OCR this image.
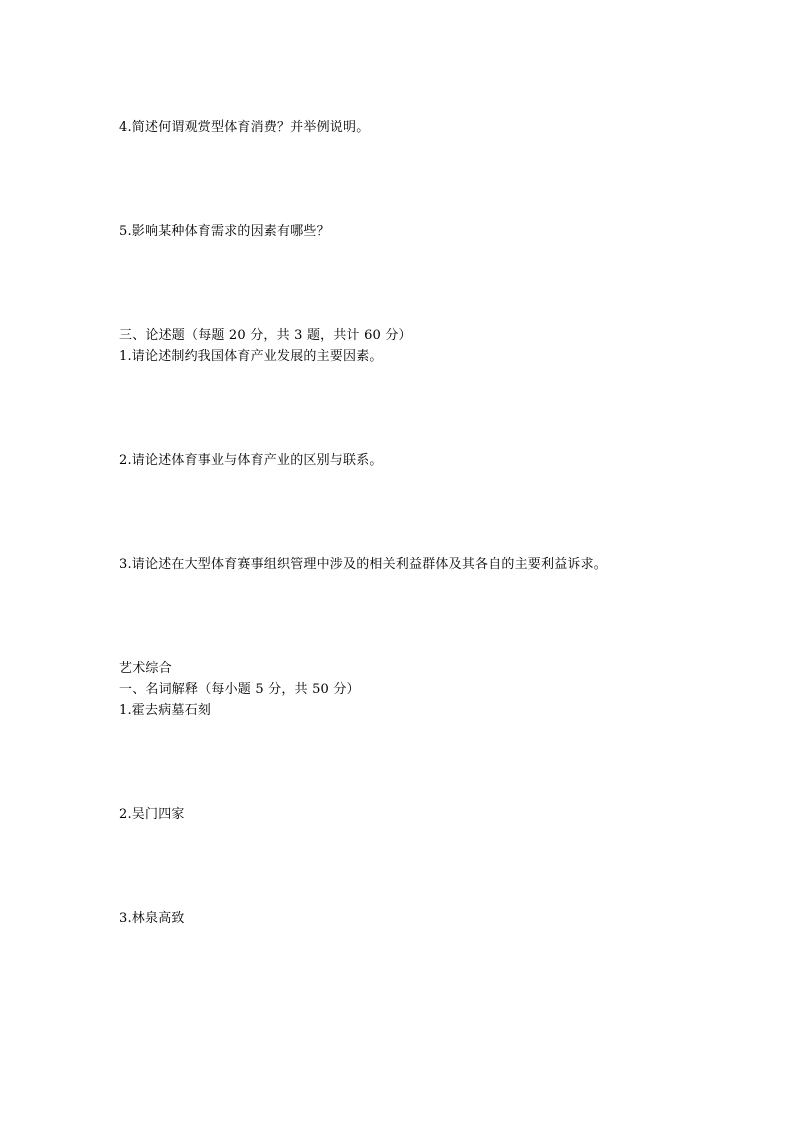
4.简述何谓观赏型体育消费？并举例说明。
5.影响某种体育需求的因素有哪些？
三、论述题（每题 20 分，共 3 题，共计 60 分）
1.请论述制约我国体育产业发展的主要因素。
2.请论述体育事业与体育产业的区别与联系。
3.请论述在大型体育赛事组织管理中涉及的相关利益群体及其各自的主要利益诉求。
艺术综合
一、名词解释（每小题 5 分，共 50 分）
1.霍去病墓石刻
2.吴门四家
3.林泉高致
